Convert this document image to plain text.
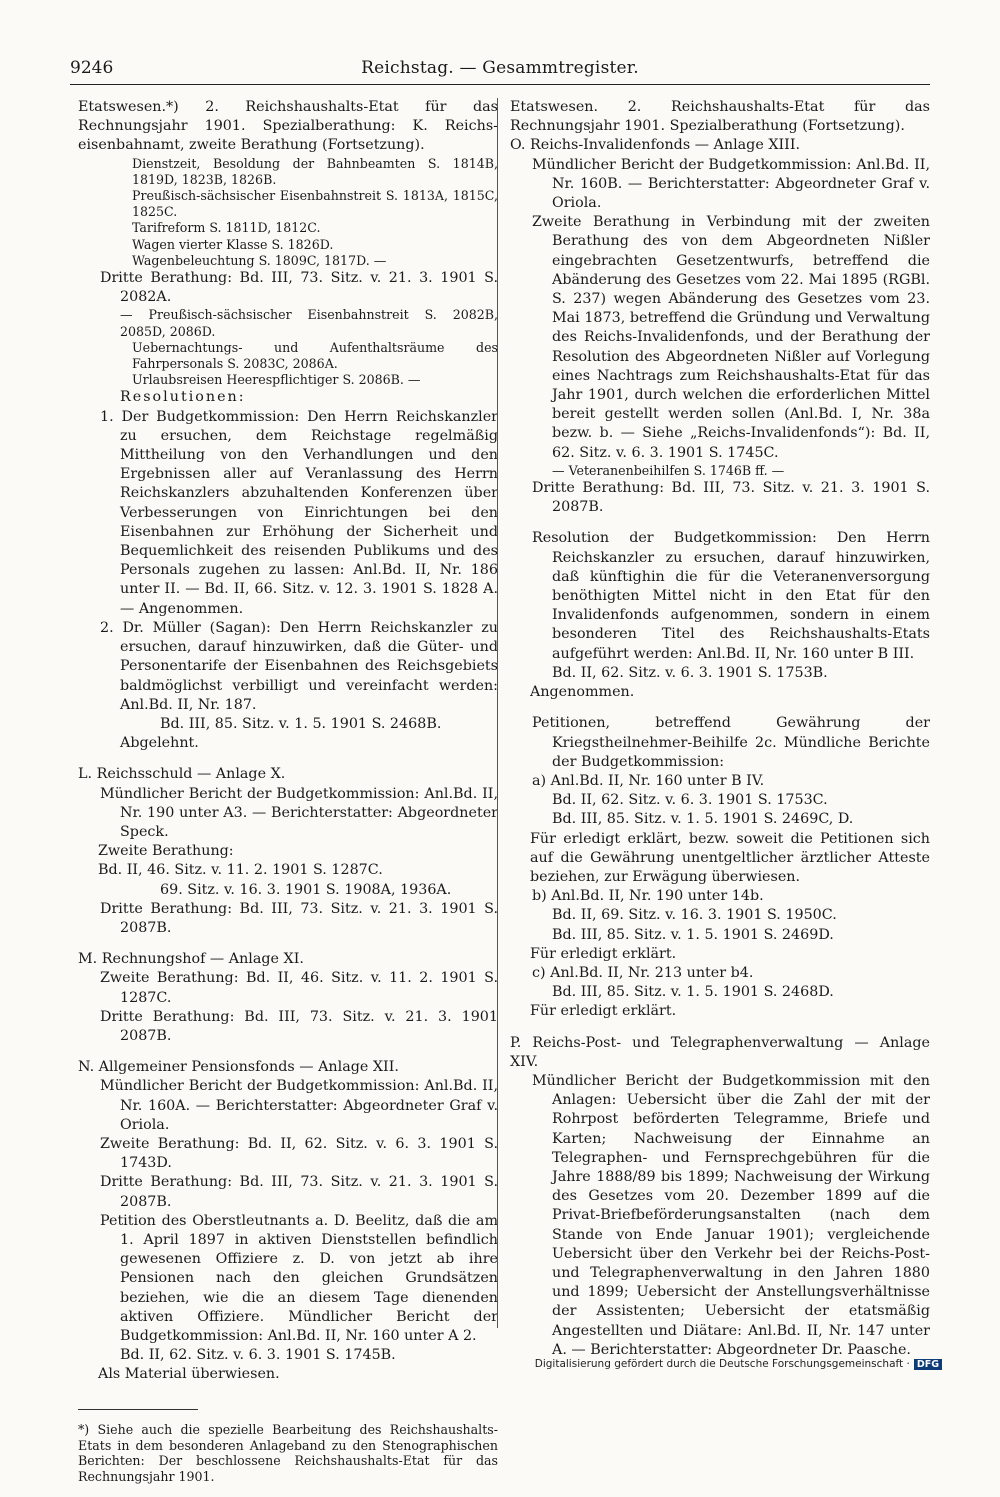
9246	Reichstag. — Gesammtregister.

Etatswesen.*) 2. Reichshaushalts-Etat für das Rechnungsjahr 1901. Spezialberathung: K. Reichs-eisenbahnamt, zweite Berathung (Fortsetzung).

Dienstzeit, Besoldung der Bahnbeamten S. 1814B, 1819D, 1823B, 1826B.

Preußisch-sächsischer Eisenbahnstreit S. 1813A, 1815C, 1825C.

Tarifreform S. 1811D, 1812C.

Wagen vierter Klasse S. 1826D.

Wagenbeleuchtung S. 1809C, 1817D. —

Dritte Berathung: Bd. III, 73. Sitz. v. 21. 3. 1901 S. 2082A.

— Preußisch-sächsischer Eisenbahnstreit S. 2082B, 2085D, 2086D.

Uebernachtungs- und Aufenthaltsräume des Fahrpersonals S. 2083C, 2086A.

Urlaubsreisen Heerespflichtiger S. 2086B. —

Resolutionen:

1. Der Budgetkommission: Den Herrn Reichskanzler zu ersuchen, dem Reichstage regelmäßig Mittheilung von den Verhandlungen und den Ergebnissen aller auf Veranlassung des Herrn Reichskanzlers abzuhaltenden Konferenzen über Verbesserungen von Einrichtungen bei den Eisenbahnen zur Erhöhung der Sicherheit und Bequemlichkeit des reisenden Publikums und des Personals zugehen zu lassen: Anl.Bd. II, Nr. 186 unter II. — Bd. II, 66. Sitz. v. 12. 3. 1901 S. 1828 A. — Angenommen.

2. Dr. Müller (Sagan): Den Herrn Reichskanzler zu ersuchen, darauf hinzuwirken, daß die Güter- und Personentarife der Eisenbahnen des Reichsgebiets baldmöglichst verbilligt und vereinfacht werden: Anl.Bd. II, Nr. 187.

Bd. III, 85. Sitz. v. 1. 5. 1901 S. 2468B.

Abgelehnt.

L. Reichsschuld — Anlage X.

Mündlicher Bericht der Budgetkommission: Anl.Bd. II, Nr. 190 unter A3. — Berichterstatter: Abgeordneter Speck.

Zweite Berathung:

Bd. II, 46. Sitz. v. 11. 2. 1901 S. 1287C.

69. Sitz. v. 16. 3. 1901 S. 1908A, 1936A.

Dritte Berathung: Bd. III, 73. Sitz. v. 21. 3. 1901 S. 2087B.

M. Rechnungshof — Anlage XI.

Zweite Berathung: Bd. II, 46. Sitz. v. 11. 2. 1901 S. 1287C.

Dritte Berathung: Bd. III, 73. Sitz. v. 21. 3. 1901 2087B.

N. Allgemeiner Pensionsfonds — Anlage XII.

Mündlicher Bericht der Budgetkommission: Anl.Bd. II, Nr. 160A. — Berichterstatter: Abgeordneter Graf v. Oriola.

Zweite Berathung: Bd. II, 62. Sitz. v. 6. 3. 1901 S. 1743D.

Dritte Berathung: Bd. III, 73. Sitz. v. 21. 3. 1901 S. 2087B.

Petition des Oberstleutnants a. D. Beelitz, daß die am 1. April 1897 in aktiven Dienststellen befindlich gewesenen Offiziere z. D. von jetzt ab ihre Pensionen nach den gleichen Grundsätzen beziehen, wie die an diesem Tage dienenden aktiven Offiziere. Mündlicher Bericht der Budgetkommission: Anl.Bd. II, Nr. 160 unter A 2.

Bd. II, 62. Sitz. v. 6. 3. 1901 S. 1745B.

Als Material überwiesen.

*) Siehe auch die spezielle Bearbeitung des Reichshaushalts-Etats in dem besonderen Anlageband zu den Stenographischen Berichten: Der beschlossene Reichshaushalts-Etat für das Rechnungsjahr 1901.

Etatswesen. 2. Reichshaushalts-Etat für das Rechnungsjahr 1901. Spezialberathung (Fortsetzung).

O. Reichs-Invalidenfonds — Anlage XIII.

Mündlicher Bericht der Budgetkommission: Anl.Bd. II, Nr. 160B. — Berichterstatter: Abgeordneter Graf v. Oriola.

Zweite Berathung in Verbindung mit der zweiten Berathung des von dem Abgeordneten Nißler eingebrachten Gesetzentwurfs, betreffend die Abänderung des Gesetzes vom 22. Mai 1895 (RGBl. S. 237) wegen Abänderung des Gesetzes vom 23. Mai 1873, betreffend die Gründung und Verwaltung des Reichs-Invalidenfonds, und der Berathung der Resolution des Abgeordneten Nißler auf Vorlegung eines Nachtrags zum Reichshaushalts-Etat für das Jahr 1901, durch welchen die erforderlichen Mittel bereit gestellt werden sollen (Anl.Bd. I, Nr. 38a bezw. b. — Siehe „Reichs-Invalidenfonds“): Bd. II, 62. Sitz. v. 6. 3. 1901 S. 1745C.

— Veteranenbeihilfen S. 1746B ff. —

Dritte Berathung: Bd. III, 73. Sitz. v. 21. 3. 1901 S. 2087B.

Resolution der Budgetkommission: Den Herrn Reichskanzler zu ersuchen, darauf hinzuwirken, daß künftighin die für die Veteranenversorgung benöthigten Mittel nicht in den Etat für den Invalidenfonds aufgenommen, sondern in einem besonderen Titel des Reichshaushalts-Etats aufgeführt werden: Anl.Bd. II, Nr. 160 unter B III.

Bd. II, 62. Sitz. v. 6. 3. 1901 S. 1753B.

Angenommen.

Petitionen, betreffend Gewährung der Kriegstheilnehmer-Beihilfe 2c. Mündliche Berichte der Budgetkommission:

a) Anl.Bd. II, Nr. 160 unter B IV.

Bd. II, 62. Sitz. v. 6. 3. 1901 S. 1753C.

Bd. III, 85. Sitz. v. 1. 5. 1901 S. 2469C, D.

Für erledigt erklärt, bezw. soweit die Petitionen sich auf die Gewährung unentgeltlicher ärztlicher Atteste beziehen, zur Erwägung überwiesen.

b) Anl.Bd. II, Nr. 190 unter 14b.

Bd. II, 69. Sitz. v. 16. 3. 1901 S. 1950C.

Bd. III, 85. Sitz. v. 1. 5. 1901 S. 2469D.

Für erledigt erklärt.

c) Anl.Bd. II, Nr. 213 unter b4.

Bd. III, 85. Sitz. v. 1. 5. 1901 S. 2468D.

Für erledigt erklärt.

P. Reichs-Post- und Telegraphenverwaltung — Anlage XIV.

Mündlicher Bericht der Budgetkommission mit den Anlagen: Uebersicht über die Zahl der mit der Rohrpost beförderten Telegramme, Briefe und Karten; Nachweisung der Einnahme an Telegraphen- und Fernsprechgebühren für die Jahre 1888/89 bis 1899; Nachweisung der Wirkung des Gesetzes vom 20. Dezember 1899 auf die Privat-Briefbeförderungsanstalten (nach dem Stande von Ende Januar 1901); vergleichende Uebersicht über den Verkehr bei der Reichs-Post- und Telegraphenverwaltung in den Jahren 1880 und 1899; Uebersicht der Anstellungsverhältnisse der Assistenten; Uebersicht der etatsmäßig Angestellten und Diätare: Anl.Bd. II, Nr. 147 unter A. — Berichterstatter: Abgeordneter Dr. Paasche.

Digitalisierung gefördert durch die Deutsche Forschungsgemeinschaft · DFG
